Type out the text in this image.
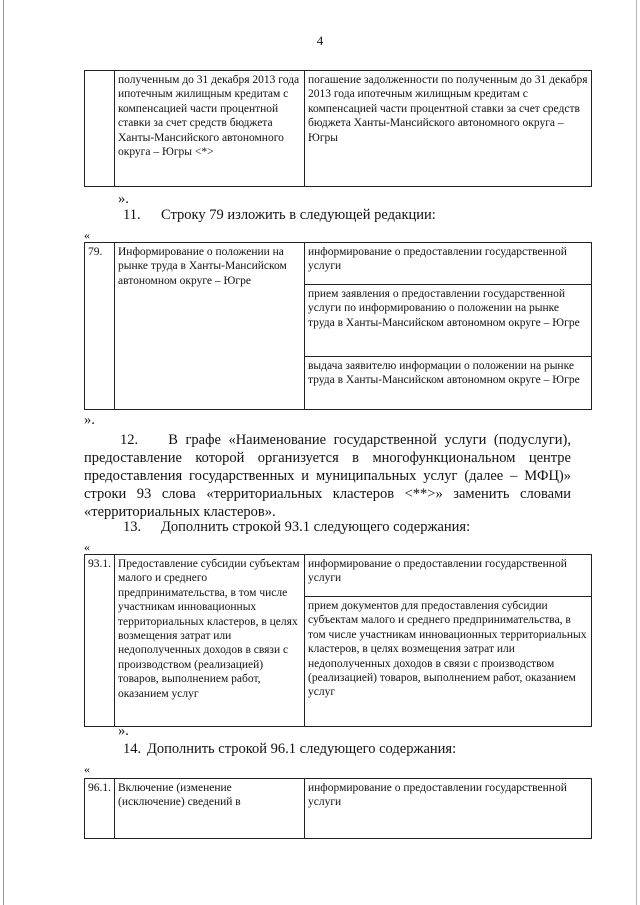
4
	полученным до 31 декабря 2013 года ипотечным жилищным кредитам с компенсацией части процентной ставки за счет средств бюджета Ханты-Мансийского автономного округа – Югры <*>	погашение задолженности по полученным до 31 декабря 2013 года ипотечным жилищным кредитам с компенсацией части процентной ставки за счет средств бюджета Ханты-Мансийского автономного округа – Югры
».
11. Строку 79 изложить в следующей редакции:
«
79.	Информирование о положении на рынке труда в Ханты-Мансийском автономном округе – Югре	
информирование о предоставлении государственной услуги
прием заявления о предоставлении государственной услуги по информированию о положении на рынке труда в Ханты-Мансийском автономном округе – Югре
выдача заявителю информации о положении на рынке труда в Ханты-Мансийском автономном округе – Югре
».
12.    В графе «Наименование государственной услуги (подуслуги), предоставление которой организуется в многофункциональном центре предоставления государственных и муниципальных услуг (далее – МФЦ)» строки 93 слова «территориальных кластеров <**>» заменить словами «территориальных кластеров».
13. Дополнить строкой 93.1 следующего содержания:
«
93.1.	Предоставление субсидии субъектам малого и среднего предпринимательства, в том числе участникам инновационных территориальных кластеров, в целях возмещения затрат или недополученных доходов в связи с производством (реализацией) товаров, выполнением работ, оказанием услуг	
информирование о предоставлении государственной услуги
прием документов для предоставления субсидии субъектам малого и среднего предпринимательства, в том числе участникам инновационных территориальных кластеров, в целях возмещения затрат или недополученных доходов в связи с производством (реализацией) товаров, выполнением работ, оказанием услуг
».
14. Дополнить строкой 96.1 следующего содержания:
«
96.1.	Включение (изменение (исключение) сведений в	информирование о предоставлении государственной услуги
